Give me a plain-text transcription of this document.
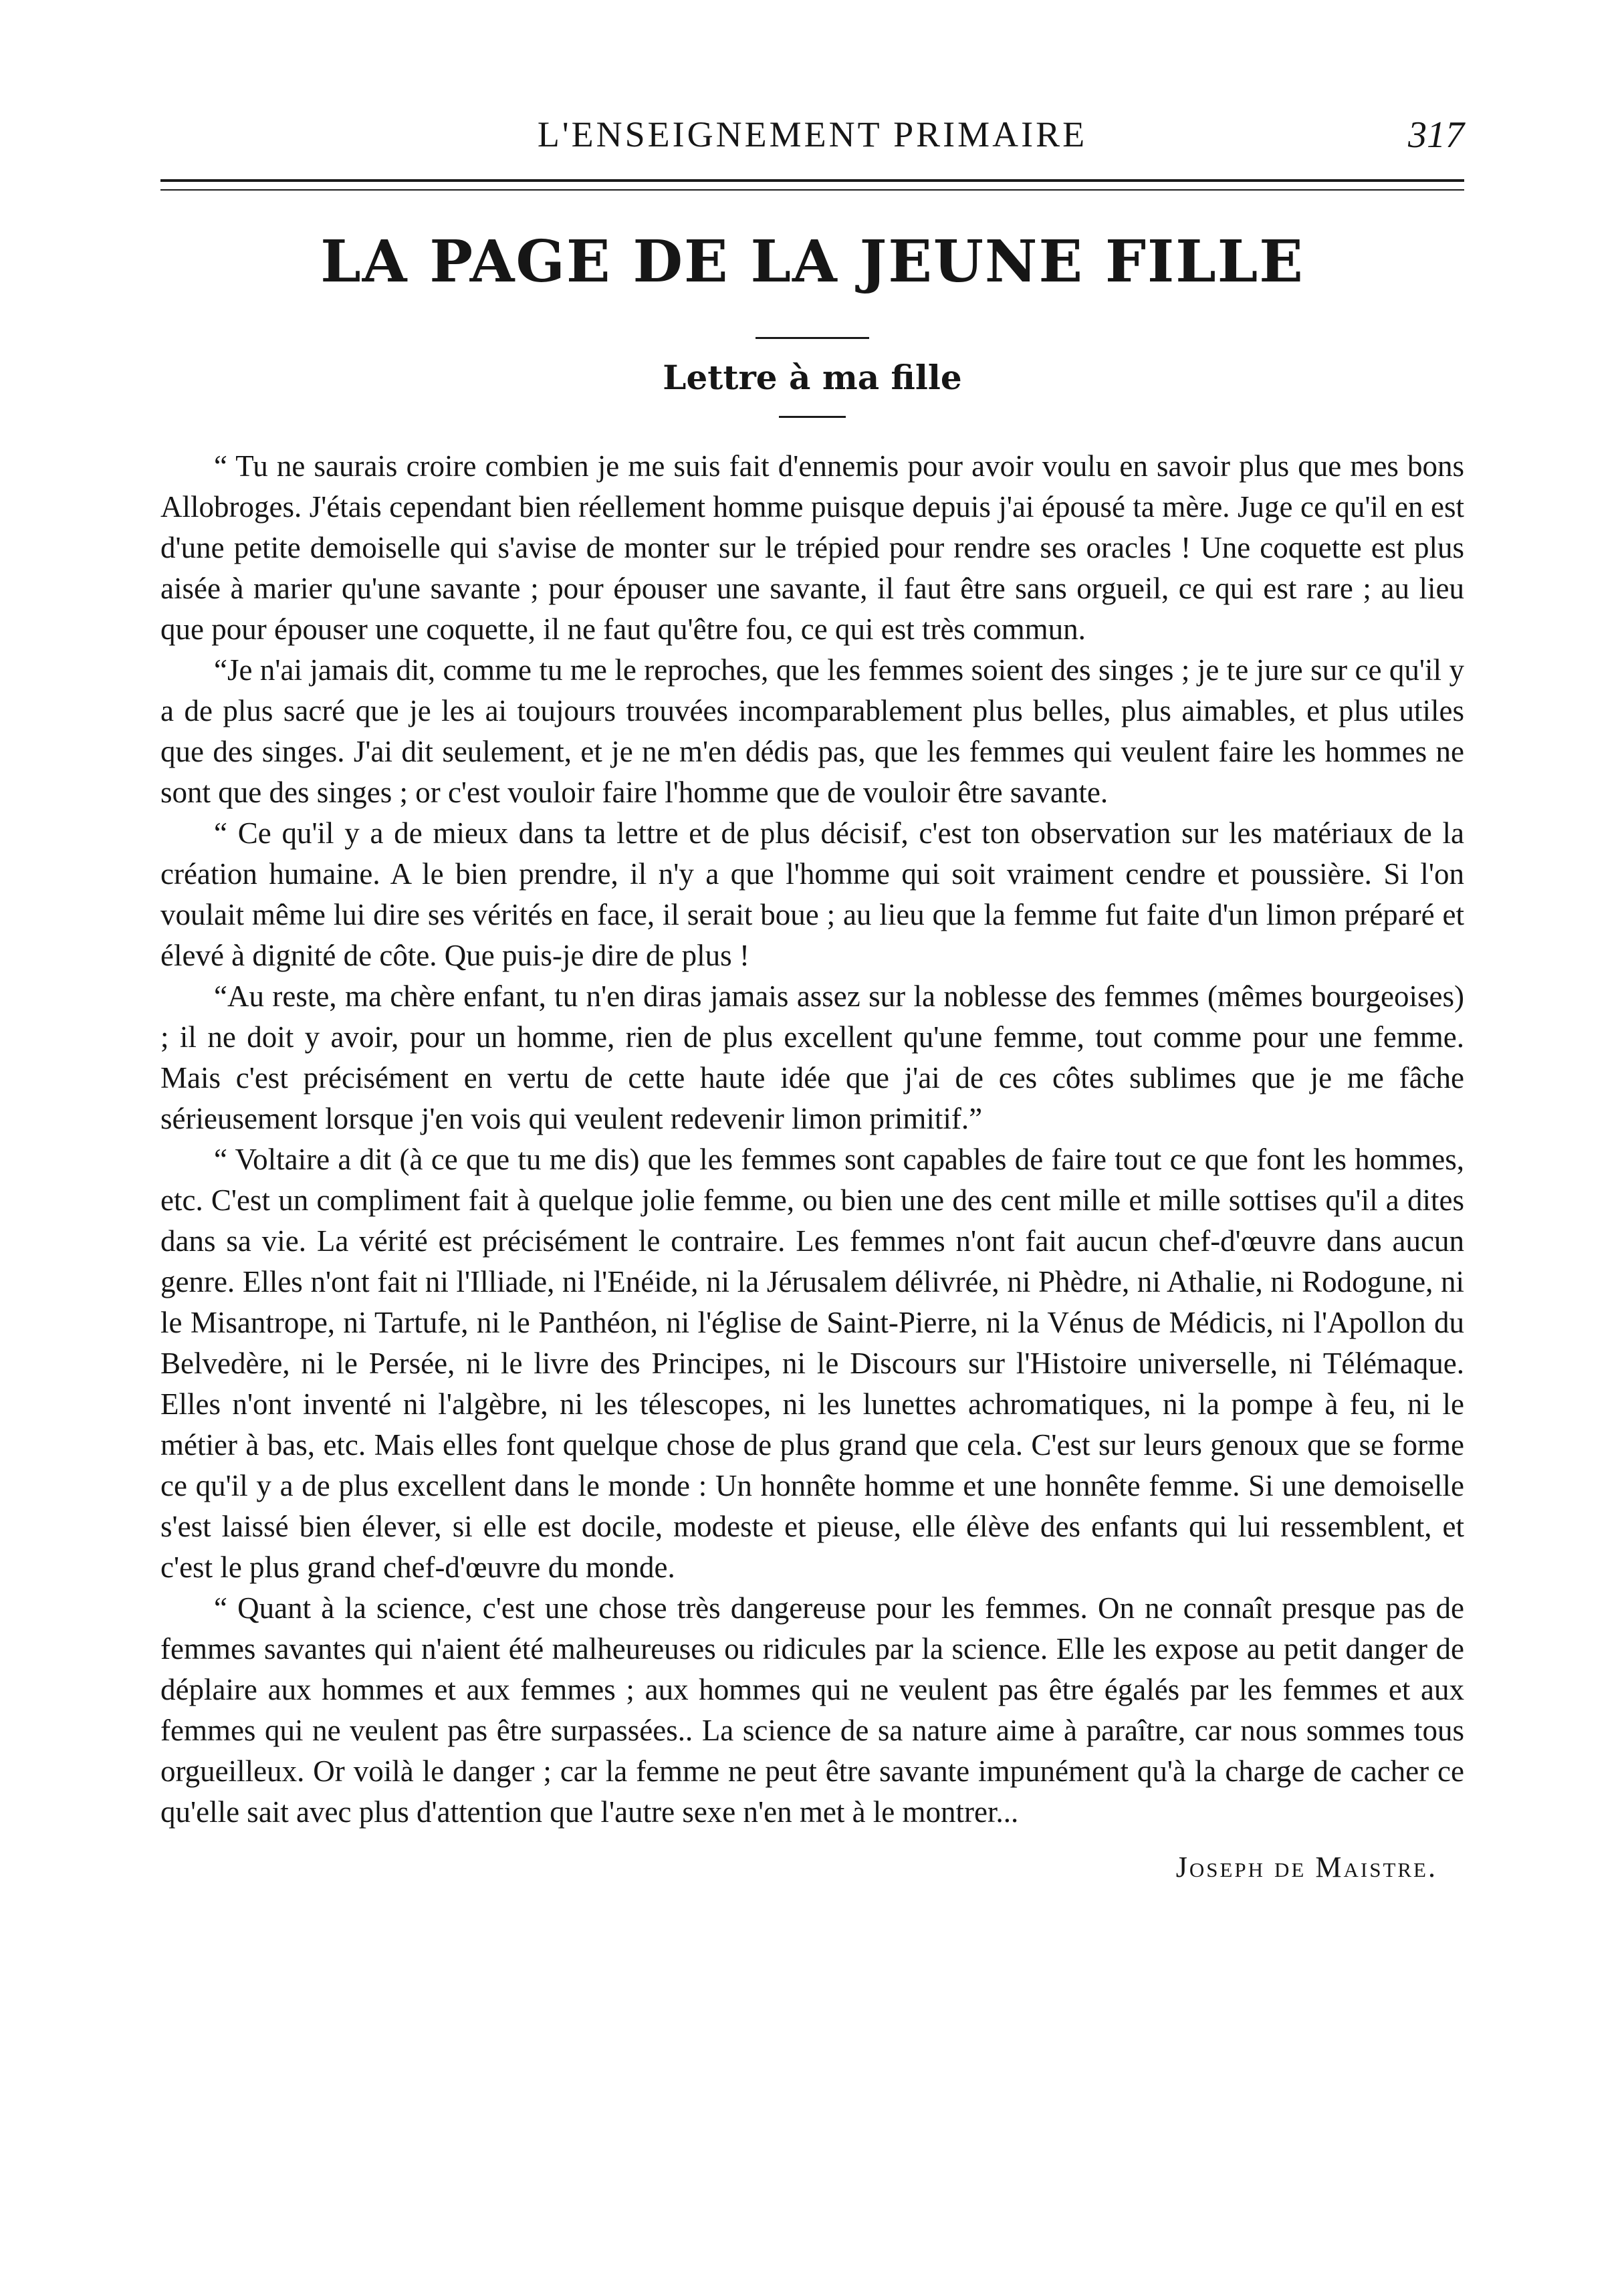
L'ENSEIGNEMENT PRIMAIRE	317
LA PAGE DE LA JEUNE FILLE
Lettre à ma fille

“ Tu ne saurais croire combien je me suis fait d'ennemis pour avoir voulu en savoir plus que mes bons Allobroges. J'étais cependant bien réellement homme puisque depuis j'ai épousé ta mère. Juge ce qu'il en est d'une petite demoiselle qui s'avise de monter sur le trépied pour rendre ses oracles ! Une coquette est plus aisée à marier qu'une savante ; pour épouser une savante, il faut être sans orgueil, ce qui est rare ; au lieu que pour épouser une coquette, il ne faut qu'être fou, ce qui est très commun.

“Je n'ai jamais dit, comme tu me le reproches, que les femmes soient des singes ; je te jure sur ce qu'il y a de plus sacré que je les ai toujours trouvées incomparablement plus belles, plus aimables, et plus utiles que des singes. J'ai dit seulement, et je ne m'en dédis pas, que les femmes qui veulent faire les hommes ne sont que des singes ; or c'est vouloir faire l'homme que de vouloir être savante.

“ Ce qu'il y a de mieux dans ta lettre et de plus décisif, c'est ton observation sur les matériaux de la création humaine. A le bien prendre, il n'y a que l'homme qui soit vraiment cendre et poussière. Si l'on voulait même lui dire ses vérités en face, il serait boue ; au lieu que la femme fut faite d'un limon préparé et élevé à dignité de côte. Que puis-je dire de plus !

“Au reste, ma chère enfant, tu n'en diras jamais assez sur la noblesse des femmes (mêmes bourgeoises) ; il ne doit y avoir, pour un homme, rien de plus excellent qu'une femme, tout comme pour une femme. Mais c'est précisément en vertu de cette haute idée que j'ai de ces côtes sublimes que je me fâche sérieusement lorsque j'en vois qui veulent redevenir limon primitif.”

“ Voltaire a dit (à ce que tu me dis) que les femmes sont capables de faire tout ce que font les hommes, etc. C'est un compliment fait à quelque jolie femme, ou bien une des cent mille et mille sottises qu'il a dites dans sa vie. La vérité est précisément le contraire. Les femmes n'ont fait aucun chef-d'œuvre dans aucun genre. Elles n'ont fait ni l'Illiade, ni l'Enéide, ni la Jérusalem délivrée, ni Phèdre, ni Athalie, ni Rodogune, ni le Misantrope, ni Tartufe, ni le Panthéon, ni l'église de Saint-Pierre, ni la Vénus de Médicis, ni l'Apollon du Belvedère, ni le Persée, ni le livre des Principes, ni le Discours sur l'Histoire universelle, ni Télémaque. Elles n'ont inventé ni l'algèbre, ni les télescopes, ni les lunettes achromatiques, ni la pompe à feu, ni le métier à bas, etc. Mais elles font quelque chose de plus grand que cela. C'est sur leurs genoux que se forme ce qu'il y a de plus excellent dans le monde : Un honnête homme et une honnête femme. Si une demoiselle s'est laissé bien élever, si elle est docile, modeste et pieuse, elle élève des enfants qui lui ressemblent, et c'est le plus grand chef-d'œuvre du monde.

“ Quant à la science, c'est une chose très dangereuse pour les femmes. On ne connaît presque pas de femmes savantes qui n'aient été malheureuses ou ridicules par la science. Elle les expose au petit danger de déplaire aux hommes et aux femmes ; aux hommes qui ne veulent pas être égalés par les femmes et aux femmes qui ne veulent pas être surpassées.. La science de sa nature aime à paraître, car nous sommes tous orgueilleux. Or voilà le danger ; car la femme ne peut être savante impunément qu'à la charge de cacher ce qu'elle sait avec plus d'attention que l'autre sexe n'en met à le montrer...

Joseph de Maistre.
